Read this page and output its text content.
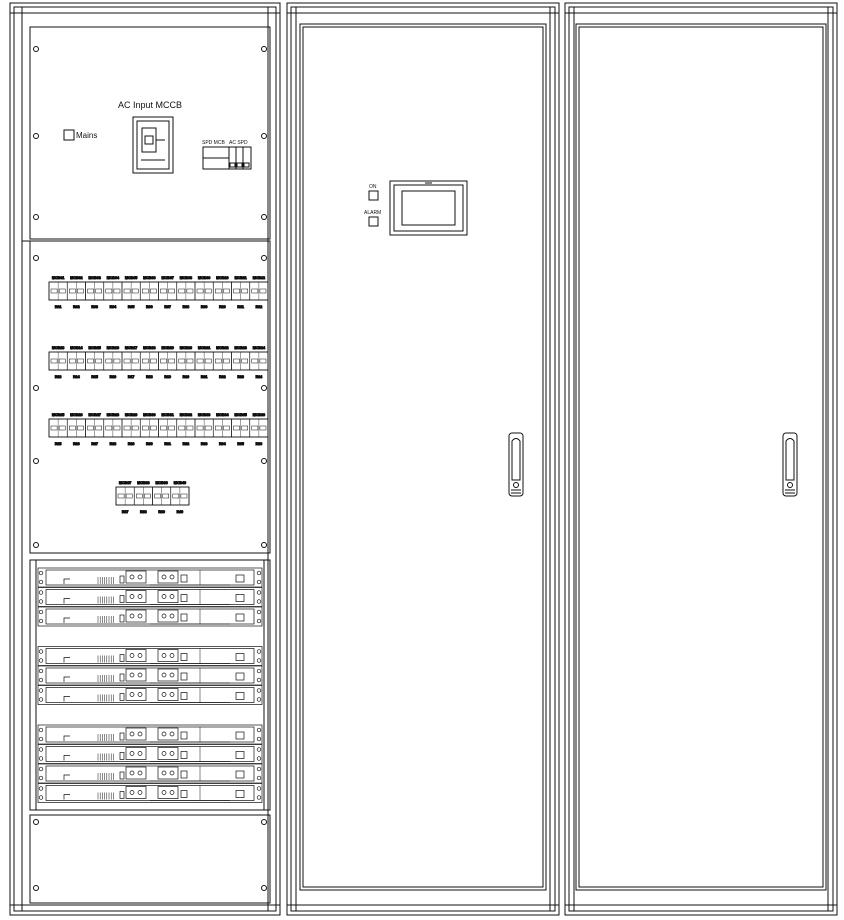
MCB01
R01
MCB02
R02
MCB03
R03
MCB04
R04
MCB05
R05
MCB06
R06
MCB07
R07
MCB08
R08
MCB09
R09
MCB10
R10
MCB11
R11
MCB12
R12
MCB13
R13
MCB14
R14
MCB15
R15
MCB16
R16
MCB17
R17
MCB18
R18
MCB19
R19
MCB20
R20
MCB21
R21
MCB22
R22
MCB23
R23
MCB24
R24
MCB25
R25
MCB26
R26
MCB27
R27
MCB28
R28
MCB29
R29
MCB30
R30
MCB31
R31
MCB32
R32
MCB33
R33
MCB34
R34
MCB35
R35
MCB36
R36
MCB37
R37
MCB38
R38
MCB39
R39
MCB40
R40
AC Input MCCB
Mains
SPD MCB AC SPD
ON
ALARM
